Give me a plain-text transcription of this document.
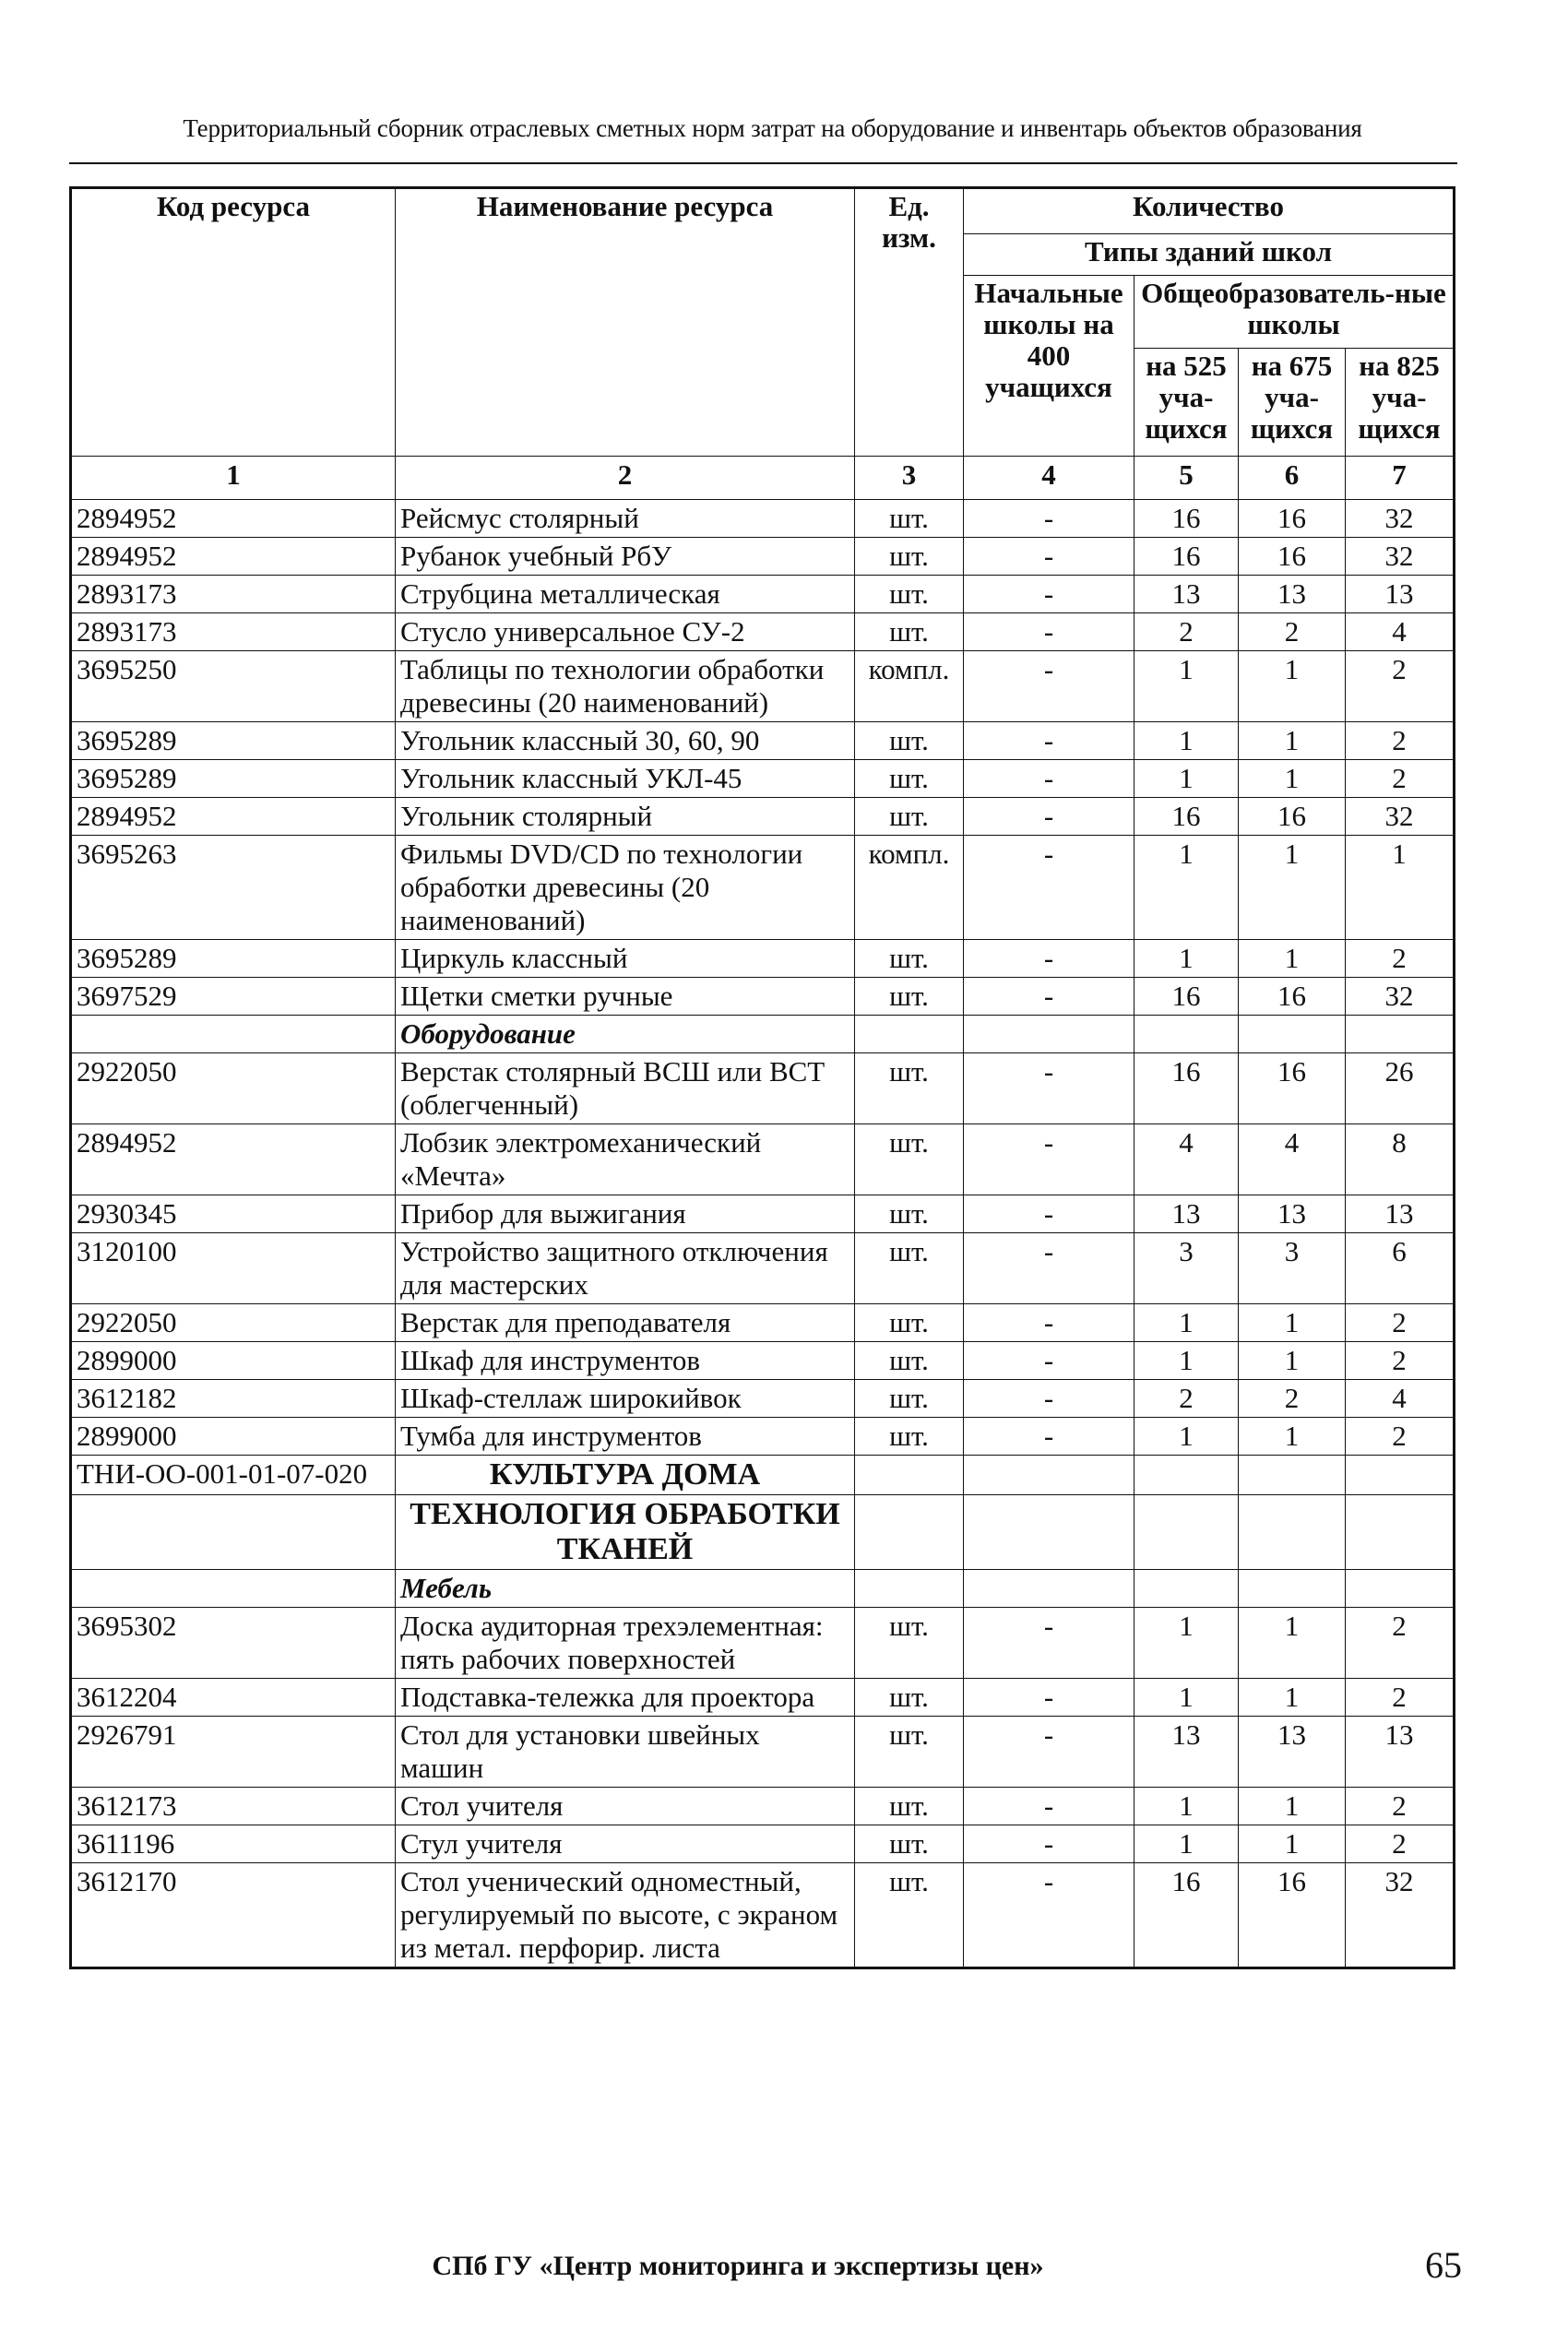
Территориальный сборник отраслевых сметных норм затрат на оборудование и инвентарь объектов образования
Код ресурса	Наименование ресурса	Ед. изм.	Количество			
			Типы зданий школ			
			Начальные школы на 400 учащихся	Общеобразователь-ные школы		
				на 525 уча-щихся	на 675 уча-щихся	на 825 уча-щихся
1	2	3	4	5	6	7
2894952	Рейсмус столярный	шт.	-	16	16	32
2894952	Рубанок учебный РбУ	шт.	-	16	16	32
2893173	Струбцина металлическая	шт.	-	13	13	13
2893173	Стусло универсальное СУ-2	шт.	-	2	2	4
3695250	Таблицы по технологии обработки древесины (20 наименований)	компл.	-	1	1	2
3695289	Угольник классный 30, 60, 90	шт.	-	1	1	2
3695289	Угольник классный УКЛ-45	шт.	-	1	1	2
2894952	Угольник столярный	шт.	-	16	16	32
3695263	Фильмы DVD/CD по технологии обработки древесины (20 наименований)	компл.	-	1	1	1
3695289	Циркуль классный	шт.	-	1	1	2
3697529	Щетки сметки ручные	шт.	-	16	16	32
	Оборудование					
2922050	Верстак столярный ВСШ или ВСТ (облегченный)	шт.	-	16	16	26
2894952	Лобзик электромеханический «Мечта»	шт.	-	4	4	8
2930345	Прибор для выжигания	шт.	-	13	13	13
3120100	Устройство защитного отключения для мастерских	шт.	-	3	3	6
2922050	Верстак для преподавателя	шт.	-	1	1	2
2899000	Шкаф для инструментов	шт.	-	1	1	2
3612182	Шкаф-стеллаж широкийвок	шт.	-	2	2	4
2899000	Тумба для инструментов	шт.	-	1	1	2
ТНИ-ОО-001-01-07-020	КУЛЬТУРА ДОМА					
	ТЕХНОЛОГИЯ ОБРАБОТКИ ТКАНЕЙ					
	Мебель					
3695302	Доска аудиторная трехэлементная: пять рабочих поверхностей	шт.	-	1	1	2
3612204	Подставка-тележка для проектора	шт.	-	1	1	2
2926791	Стол для установки швейных машин	шт.	-	13	13	13
3612173	Стол учителя	шт.	-	1	1	2
3611196	Стул учителя	шт.	-	1	1	2
3612170	Стол ученический одноместный, регулируемый по высоте, с экраном из метал. перфорир. листа	шт.	-	16	16	32
СПб ГУ «Центр мониторинга и экспертизы цен»	65
